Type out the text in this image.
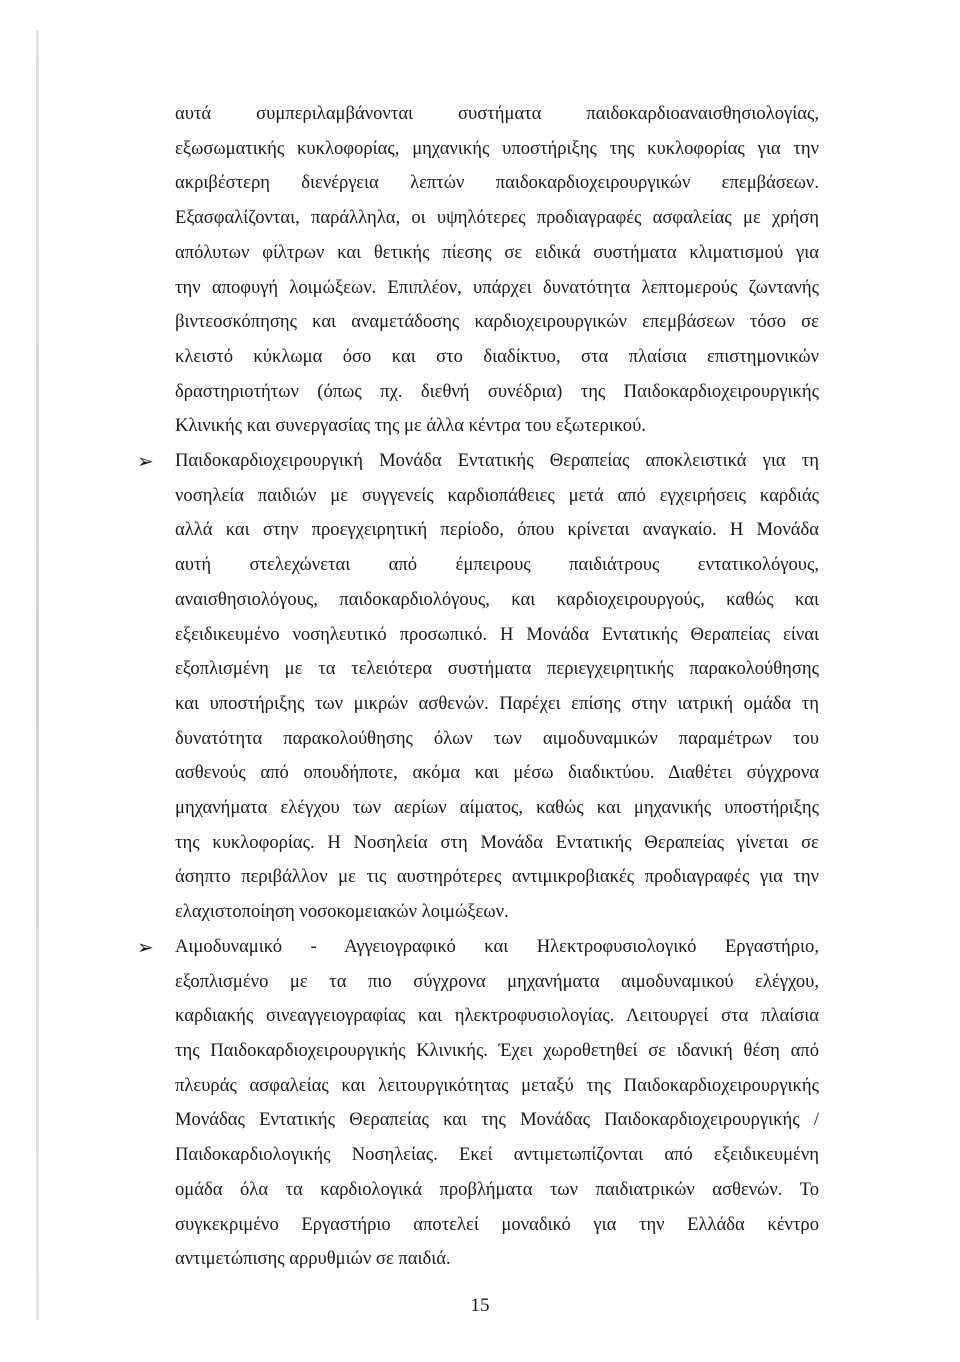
αυτά συμπεριλαμβάνονται συστήματα παιδοκαρδιοαναισθησιολογίας,
εξωσωματικής κυκλοφορίας, μηχανικής υποστήριξης της κυκλοφορίας για την
ακριβέστερη διενέργεια λεπτών παιδοκαρδιοχειρουργικών επεμβάσεων.
Εξασφαλίζονται, παράλληλα, οι υψηλότερες προδιαγραφές ασφαλείας με χρήση
απόλυτων φίλτρων και θετικής πίεσης σε ειδικά συστήματα κλιματισμού για
την αποφυγή λοιμώξεων. Επιπλέον, υπάρχει δυνατότητα λεπτομερούς ζωντανής
βιντεοσκόπησης και αναμετάδοσης καρδιοχειρουργικών επεμβάσεων τόσο σε
κλειστό κύκλωμα όσο και στο διαδίκτυο, στα πλαίσια επιστημονικών
δραστηριοτήτων (όπως πχ. διεθνή συνέδρια) της Παιδοκαρδιοχειρουργικής
Κλινικής και συνεργασίας της με άλλα κέντρα του εξωτερικού.
➢ Παιδοκαρδιοχειρουργική Μονάδα Εντατικής Θεραπείας αποκλειστικά για τη
νοσηλεία παιδιών με συγγενείς καρδιοπάθειες μετά από εγχειρήσεις καρδιάς
αλλά και στην προεγχειρητική περίοδο, όπου κρίνεται αναγκαίο. Η Μονάδα
αυτή στελεχώνεται από έμπειρους παιδιάτρους εντατικολόγους,
αναισθησιολόγους, παιδοκαρδιολόγους, και καρδιοχειρουργούς, καθώς και
εξειδικευμένο νοσηλευτικό προσωπικό. Η Μονάδα Εντατικής Θεραπείας είναι
εξοπλισμένη με τα τελειότερα συστήματα περιεγχειρητικής παρακολούθησης
και υποστήριξης των μικρών ασθενών. Παρέχει επίσης στην ιατρική ομάδα τη
δυνατότητα παρακολούθησης όλων των αιμοδυναμικών παραμέτρων του
ασθενούς από οπουδήποτε, ακόμα και μέσω διαδικτύου. Διαθέτει σύγχρονα
μηχανήματα ελέγχου των αερίων αίματος, καθώς και μηχανικής υποστήριξης
της κυκλοφορίας. Η Νοσηλεία στη Μονάδα Εντατικής Θεραπείας γίνεται σε
άσηπτο περιβάλλον με τις αυστηρότερες αντιμικροβιακές προδιαγραφές για την
ελαχιστοποίηση νοσοκομειακών λοιμώξεων.
➢ Αιμοδυναμικό - Αγγειογραφικό και Ηλεκτροφυσιολογικό Εργαστήριο,
εξοπλισμένο με τα πιο σύγχρονα μηχανήματα αιμοδυναμικού ελέγχου,
καρδιακής σινεαγγειογραφίας και ηλεκτροφυσιολογίας. Λειτουργεί στα πλαίσια
της Παιδοκαρδιοχειρουργικής Κλινικής. Έχει χωροθετηθεί σε ιδανική θέση από
πλευράς ασφαλείας και λειτουργικότητας μεταξύ της Παιδοκαρδιοχειρουργικής
Μονάδας Εντατικής Θεραπείας και της Μονάδας Παιδοκαρδιοχειρουργικής /
Παιδοκαρδιολογικής Νοσηλείας. Εκεί αντιμετωπίζονται από εξειδικευμένη
ομάδα όλα τα καρδιολογικά προβλήματα των παιδιατρικών ασθενών. Το
συγκεκριμένο Εργαστήριο αποτελεί μοναδικό για την Ελλάδα κέντρο
αντιμετώπισης αρρυθμιών σε παιδιά.
15
